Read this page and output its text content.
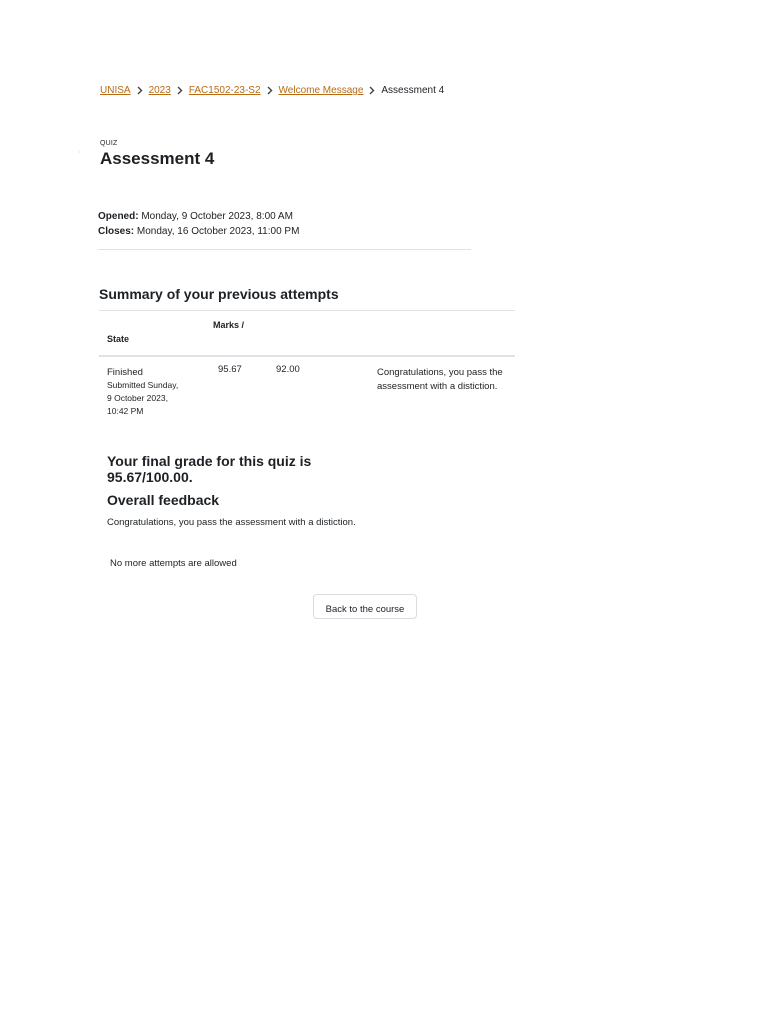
UNISA 2023 FAC1502-23-S2 Welcome Message Assessment 4
‹
QUIZ
Assessment 4
Opened: Monday, 9 October 2023, 8:00 AM
Closes: Monday, 16 October 2023, 11:00 PM
Summary of your previous attempts
Marks /
State
Finished
Submitted Sunday,
9 October 2023,
10:42 PM
95.67	92.00	Congratulations, you pass the assessment with a distiction.
Your final grade for this quiz is
95.67/100.00.
Overall feedback
Congratulations, you pass the assessment with a distiction.
No more attempts are allowed
Back to the course
